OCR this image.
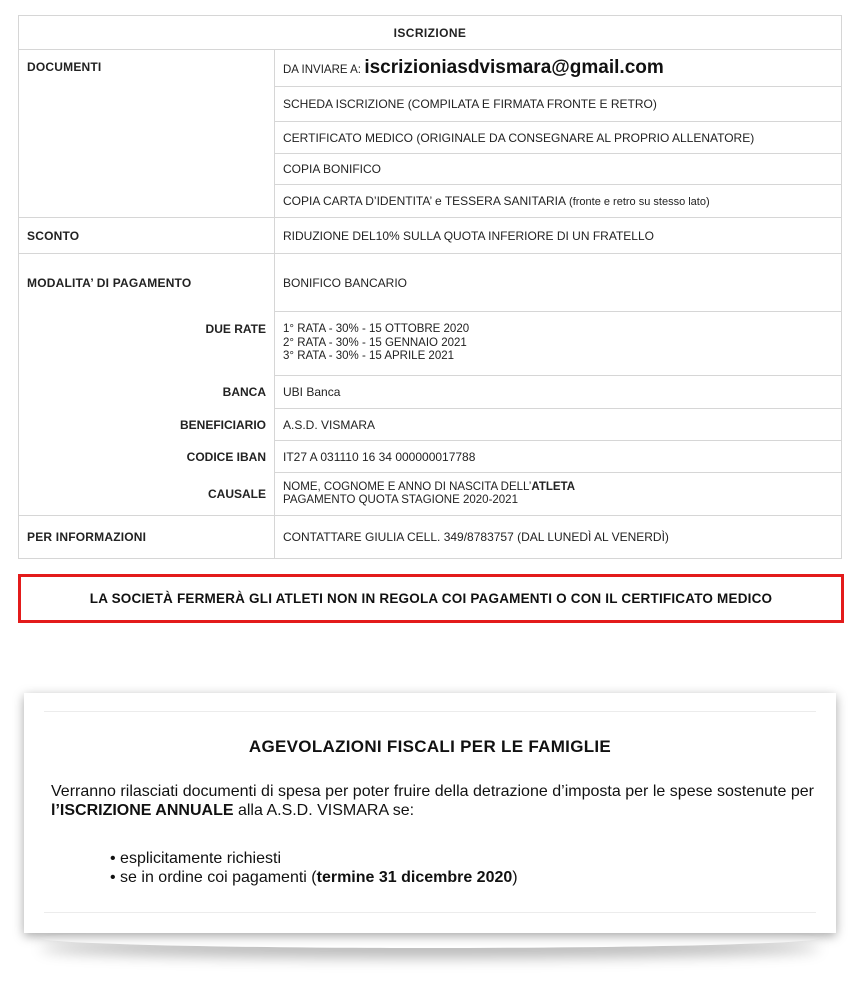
ISCRIZIONE	
DOCUMENTI	DA INVIARE A: iscrizioniasdvismara@gmail.com
	SCHEDA ISCRIZIONE (COMPILATA E FIRMATA FRONTE E RETRO)
	CERTIFICATO MEDICO (ORIGINALE DA CONSEGNARE AL PROPRIO ALLENATORE)
	COPIA BONIFICO
	COPIA CARTA D’IDENTITA’ e TESSERA SANITARIA (fronte e retro su stesso lato)
SCONTO	RIDUZIONE DEL10% SULLA QUOTA INFERIORE DI UN FRATELLO
MODALITA’ DI PAGAMENTO	BONIFICO BANCARIO
DUE RATE	1° RATA - 30% - 15 OTTOBRE 2020
2° RATA - 30% - 15 GENNAIO 2021
3° RATA - 30% - 15 APRILE 2021

BANCA	UBI Banca
BENEFICIARIO	A.S.D. VISMARA
CODICE IBAN	IT27 A 031110 16 34 000000017788
CAUSALE	NOME, COGNOME E ANNO DI NASCITA DELL’ATLETA
PAGAMENTO QUOTA STAGIONE 2020-2021

PER INFORMAZIONI	CONTATTARE GIULIA CELL. 349/8783757 (DAL LUNEDÌ AL VENERDÌ)
LA SOCIETÀ FERMERÀ GLI ATLETI NON IN REGOLA COI PAGAMENTI O CON IL CERTIFICATO MEDICO
AGEVOLAZIONI FISCALI PER LE FAMIGLIE
Verranno rilasciati documenti di spesa per poter fruire della detrazione d’imposta per le spese sostenute per l’ISCRIZIONE ANNUALE alla A.S.D. VISMARA se:
• esplicitamente richiesti
• se in ordine coi pagamenti (termine 31 dicembre 2020)
